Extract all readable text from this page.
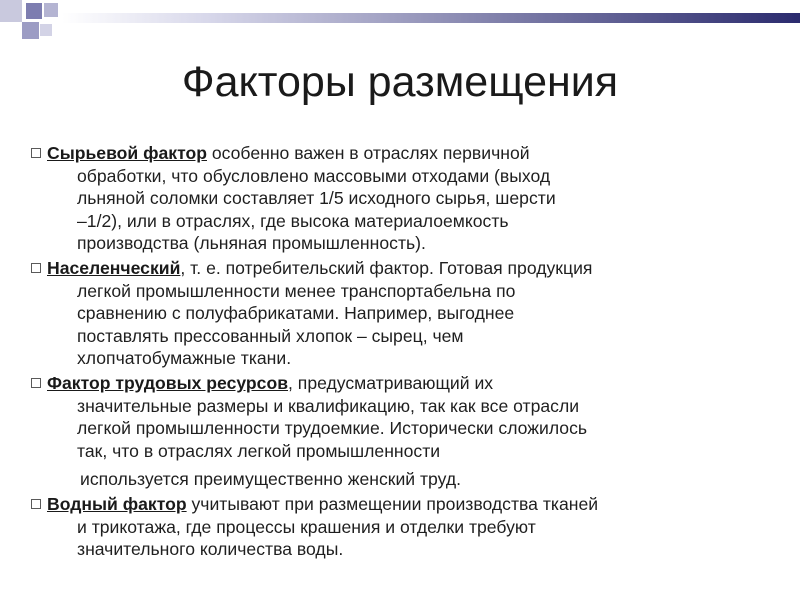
Факторы размещения
Сырьевой фактор особенно важен в отраслях первичной
обработки, что обусловлено массовыми отходами (выход
льняной соломки составляет 1/5 исходного сырья, шерсти
–1/2), или в отраслях, где высока материалоемкость
производства (льняная промышленность).
Населенческий, т. е. потребительский фактор. Готовая продукция
легкой промышленности менее транспортабельна по
сравнению с полуфабрикатами. Например, выгоднее
поставлять прессованный хлопок – сырец, чем
хлопчатобумажные ткани.
Фактор трудовых ресурсов, предусматривающий их
значительные размеры и квалификацию, так как все отрасли
легкой промышленности трудоемкие. Исторически сложилось
так, что в отраслях легкой промышленности
используется преимущественно женский труд.
Водный фактор учитывают при размещении производства тканей
и трикотажа, где процессы крашения и отделки требуют
значительного количества воды.
